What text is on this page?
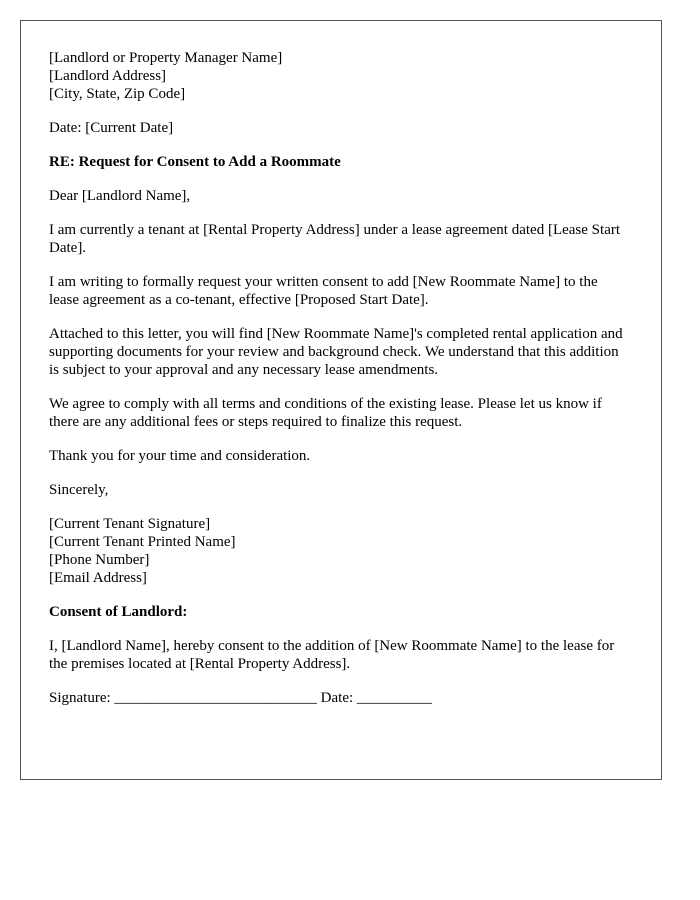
[Landlord or Property Manager Name]
[Landlord Address]
[City, State, Zip Code]
Date: [Current Date]
RE: Request for Consent to Add a Roommate
Dear [Landlord Name],
I am currently a tenant at [Rental Property Address] under a lease agreement dated [Lease Start Date].
I am writing to formally request your written consent to add [New Roommate Name] to the lease agreement as a co-tenant, effective [Proposed Start Date].
Attached to this letter, you will find [New Roommate Name]'s completed rental application and supporting documents for your review and background check. We understand that this addition is subject to your approval and any necessary lease amendments.
We agree to comply with all terms and conditions of the existing lease. Please let us know if there are any additional fees or steps required to finalize this request.
Thank you for your time and consideration.
Sincerely,
[Current Tenant Signature]
[Current Tenant Printed Name]
[Phone Number]
[Email Address]
Consent of Landlord:
I, [Landlord Name], hereby consent to the addition of [New Roommate Name] to the lease for the premises located at [Rental Property Address].
Signature: ___________________________ Date: __________
